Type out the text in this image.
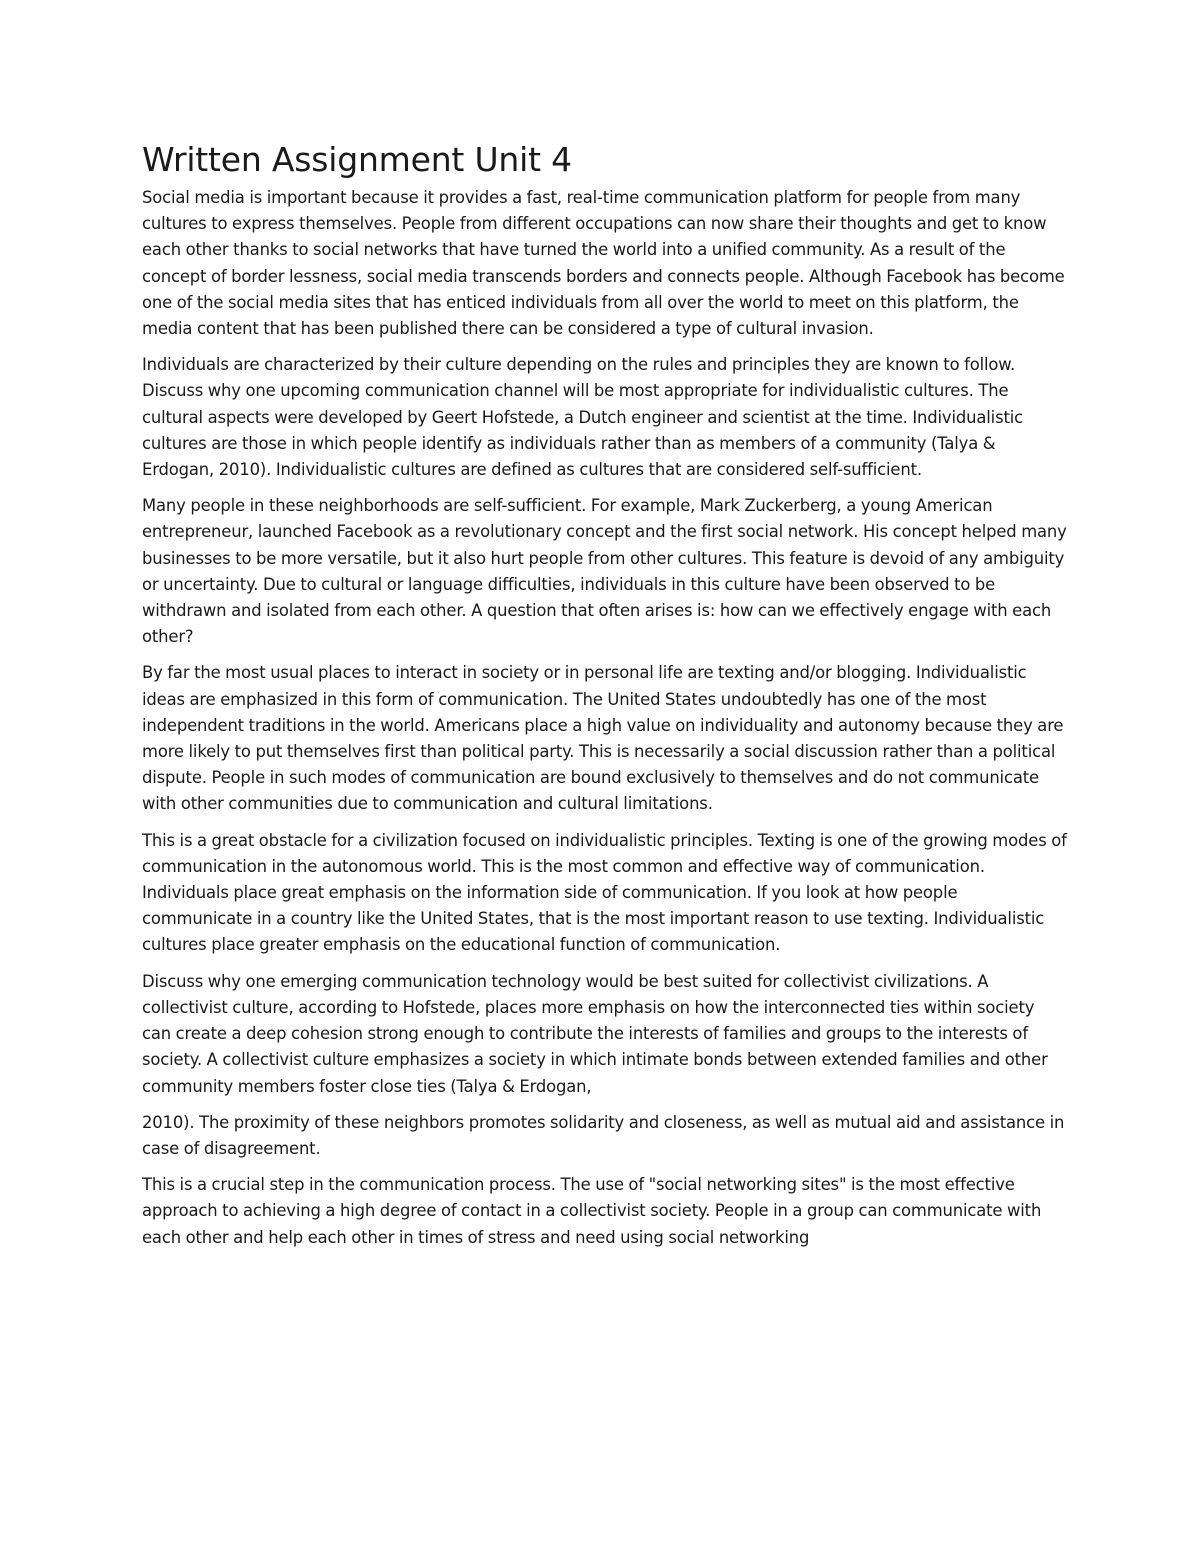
Written Assignment Unit 4

Social media is important because it provides a fast, real-time communication platform for people from many cultures to express themselves. People from different occupations can now share their thoughts and get to know each other thanks to social networks that have turned the world into a unified community. As a result of the concept of border lessness, social media transcends borders and connects people. Although Facebook has become one of the social media sites that has enticed individuals from all over the world to meet on this platform, the media content that has been published there can be considered a type of cultural invasion.

Individuals are characterized by their culture depending on the rules and principles they are known to follow. Discuss why one upcoming communication channel will be most appropriate for individualistic cultures. The cultural aspects were developed by Geert Hofstede, a Dutch engineer and scientist at the time. Individualistic cultures are those in which people identify as individuals rather than as members of a community (Talya & Erdogan, 2010). Individualistic cultures are defined as cultures that are considered self-sufficient.

Many people in these neighborhoods are self-sufficient. For example, Mark Zuckerberg, a young American entrepreneur, launched Facebook as a revolutionary concept and the first social network. His concept helped many businesses to be more versatile, but it also hurt people from other cultures. This feature is devoid of any ambiguity or uncertainty. Due to cultural or language difficulties, individuals in this culture have been observed to be withdrawn and isolated from each other. A question that often arises is: how can we effectively engage with each other?

By far the most usual places to interact in society or in personal life are texting and/or blogging. Individualistic ideas are emphasized in this form of communication. The United States undoubtedly has one of the most independent traditions in the world. Americans place a high value on individuality and autonomy because they are more likely to put themselves first than political party. This is necessarily a social discussion rather than a political dispute. People in such modes of communication are bound exclusively to themselves and do not communicate with other communities due to communication and cultural limitations.

This is a great obstacle for a civilization focused on individualistic principles. Texting is one of the growing modes of communication in the autonomous world. This is the most common and effective way of communication. Individuals place great emphasis on the information side of communication. If you look at how people communicate in a country like the United States, that is the most important reason to use texting. Individualistic cultures place greater emphasis on the educational function of communication.

Discuss why one emerging communication technology would be best suited for collectivist civilizations. A collectivist culture, according to Hofstede, places more emphasis on how the interconnected ties within society can create a deep cohesion strong enough to contribute the interests of families and groups to the interests of society. A collectivist culture emphasizes a society in which intimate bonds between extended families and other community members foster close ties (Talya & Erdogan,

2010). The proximity of these neighbors promotes solidarity and closeness, as well as mutual aid and assistance in case of disagreement.

This is a crucial step in the communication process. The use of "social networking sites" is the most effective approach to achieving a high degree of contact in a collectivist society. People in a group can communicate with each other and help each other in times of stress and need using social networking
